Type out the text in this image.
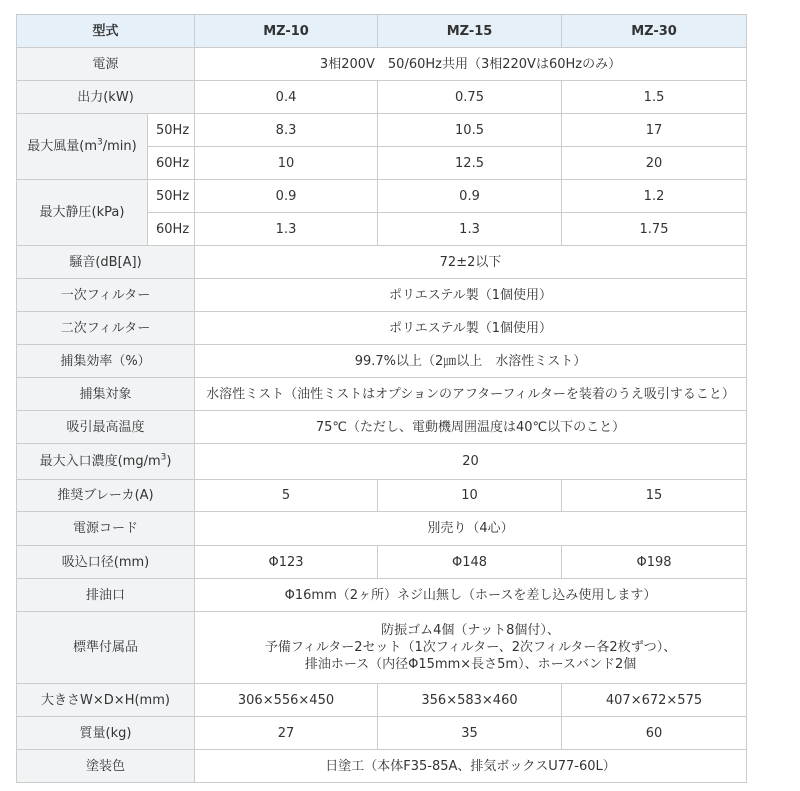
型式		MZ-10	MZ-15	MZ-30
電源		3相200V　50/60Hz共用（3相220Vは60Hzのみ）		
出力(kW)		0.4	0.75	1.5
最大風量$(m^3/\min)$	50Hz	8.3	10.5	17
	60Hz	10	12.5	20
最大静圧(kPa)	50Hz	0.9	0.9	1.2
	60Hz	1.3	1.3	1.75
騒音(dB[A])		72±2以下		
一次フィルター		ポリエステル製（1個使用）		
二次フィルター		ポリエステル製（1個使用）		
捕集効率（%）		99.7%以上（2㎛以上　水溶性ミスト）		
捕集対象		水溶性ミスト（油性ミストはオプションのアフターフィルターを装着のうえ吸引すること）		
吸引最高温度		75℃（ただし、電動機周囲温度は40℃以下のこと）		
最大入口濃度$(mg/m^3)$		20		
推奨ブレーカ(A)		5	10	15
電源コード		別売り（4心）		
吸込口径(mm)		Φ123	Φ148	Φ198
排油口		Φ16mm（2ヶ所）ネジ山無し（ホースを差し込み使用します）		
標準付属品		防振ゴム4個（ナット8個付）、
予備フィルター2セット（1次フィルター、2次フィルター各2枚ずつ）、
排油ホース（内径Φ15mm×長さ5m）、ホースバンド2個		

大きさW×D×H(mm)		306×556×450	356×583×460	407×672×575
質量(kg)		27	35	60
塗装色		日塗工（本体F35-85A、排気ボックスU77-60L）		
